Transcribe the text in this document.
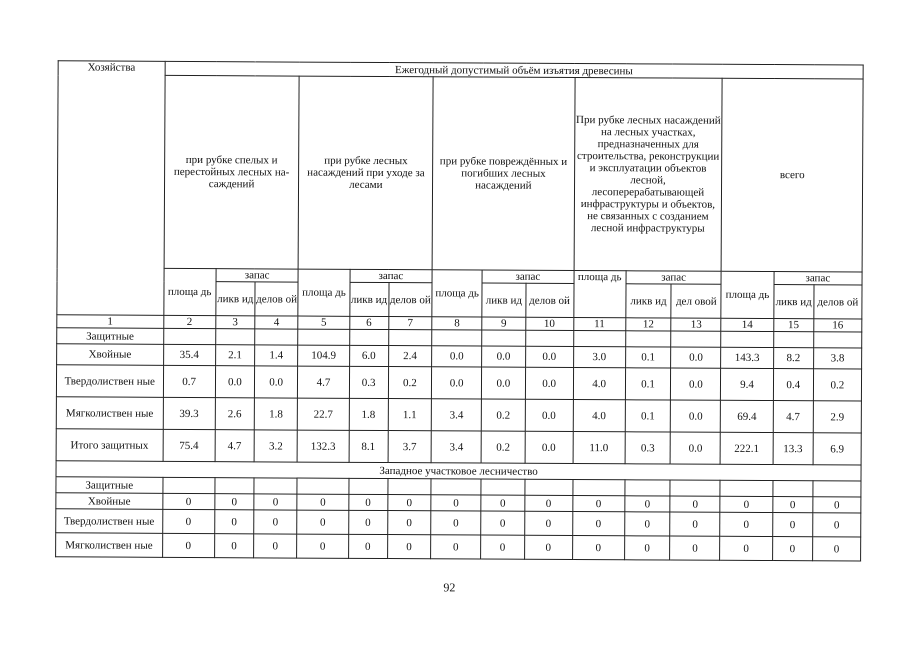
Хозяйства	Ежегодный допустимый объём изъятия древесины														
	при рубке спелых и перестойных лесных на- саждений			при рубке лесных насаждений при уходе за лесами			при рубке повреждённых и погибших лесных насаждений			При рубке лесных насаждений на лесных участках, предназначенных для строительства, реконструкции и эксплуатации объектов лесной, лесоперерабатывающей инфраструктуры и объектов, не связанных с созданием лесной инфраструктуры			всего		
	площа дь	запас		площа дь	запас		площа дь	запас		площа дь	запас		площа дь	запас	
		ликв ид	делов ой		ликв ид	делов ой		ликв ид	делов ой		ликв ид	дел овой		ликв ид	делов ой
1	2	3	4	5	6	7	8	9	10	11	12	13	14	15	16
Защитные															
Хвойные	35.4	2.1	1.4	104.9	6.0	2.4	0.0	0.0	0.0	3.0	0.1	0.0	143.3	8.2	3.8
Твердолиствен ные	0.7	0.0	0.0	4.7	0.3	0.2	0.0	0.0	0.0	4.0	0.1	0.0	9.4	0.4	0.2
Мягколиствен ные	39.3	2.6	1.8	22.7	1.8	1.1	3.4	0.2	0.0	4.0	0.1	0.0	69.4	4.7	2.9
Итого защитных	75.4	4.7	3.2	132.3	8.1	3.7	3.4	0.2	0.0	11.0	0.3	0.0	222.1	13.3	6.9
Западное участковое лесничество															
Защитные															
Хвойные	0	0	0	0	0	0	0	0	0	0	0	0	0	0	0
Твердолиствен ные	0	0	0	0	0	0	0	0	0	0	0	0	0	0	0
Мягколиствен ные	0	0	0	0	0	0	0	0	0	0	0	0	0	0	0
92
